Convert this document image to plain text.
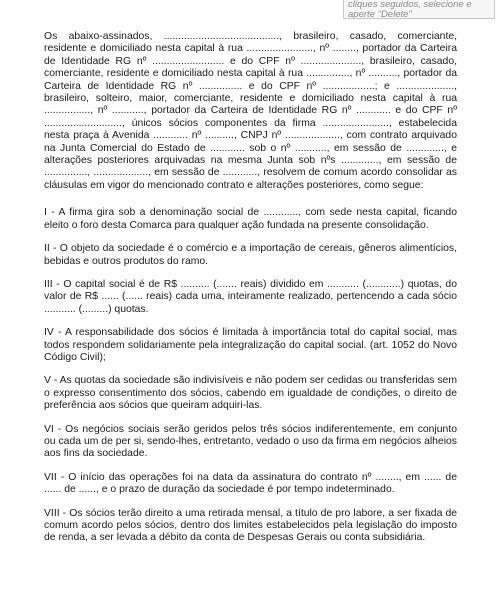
cliques seguidos, selecione e
aperte "Delete"

Os abaixo-assinados, ........................................, brasileiro, casado, comerciante, residente e domiciliado nesta capital à rua ......................., nº ........, portador da Carteira de Identidade RG nº ......................... e do CPF nº ....................., brasileiro, casado, comerciante, residente e domiciliado nesta capital à rua ..............., nº .........., portador da Carteira de Identidade RG nº ............... e do CPF nº ..................; e ...................., brasileiro, solteiro, maior, comerciante, residente e domiciliado nesta capital à rua ................, nº ..........., portador da Carteira de Identidade RG nº ............ e do CPF nº ..........................., únicos sócios componentes da firma ......................., estabelecida nesta praça à Avenida ............ nº .........., CNPJ nº ..................., com contrato arquivado na Junta Comercial do Estado de ............ sob o nº ..........., em sessão de ............., e alterações posteriores arquivadas na mesma Junta sob nºs ............., em sessão de ..............., ..................., em sessão de ............, resolvem de comum acordo consolidar as cláusulas em vigor do mencionado contrato e alterações posteriores, como segue:

I - A firma gira sob a denominação social de ............, com sede nesta capital, ficando eleito o foro desta Comarca para qualquer ação fundada na presente consolidação.

II - O objeto da sociedade é o comércio e a importação de cereais, gêneros alimentícios, bebidas e outros produtos do ramo.

III - O capital social é de R$ .......... (....... reais) dividido em ........... (............) quotas, do valor de R$ ...... (...... reais) cada uma, inteiramente realizado, pertencendo a cada sócio ........... (.........) quotas.

IV - A responsabilidade dos sócios é limitada à importância total do capital social, mas todos respondem solidariamente pela integralização do capital social. (art. 1052 do Novo Código Civil);

V - As quotas da sociedade são indivisíveis e não podem ser cedidas ou transferidas sem o expresso consentimento dos sócios, cabendo em igualdade de condições, o direito de preferência aos sócios que queiram adquiri-las.

VI - Os negócios sociais serão geridos pelos três sócios indiferentemente, em conjunto ou cada um de per si, sendo-lhes, entretanto, vedado o uso da firma em negócios alheios aos fins da sociedade.

VII - O início das operações foi na data da assinatura do contrato nº ........, em ...... de ...... de ......, e o prazo de duração da sociedade é por tempo indeterminado.

VIII - Os sócios terão direito a uma retirada mensal, a título de pro labore, a ser fixada de comum acordo pelos sócios, dentro dos limites estabelecidos pela legislação do imposto de renda, a ser levada a débito da conta de Despesas Gerais ou conta subsidiária.
